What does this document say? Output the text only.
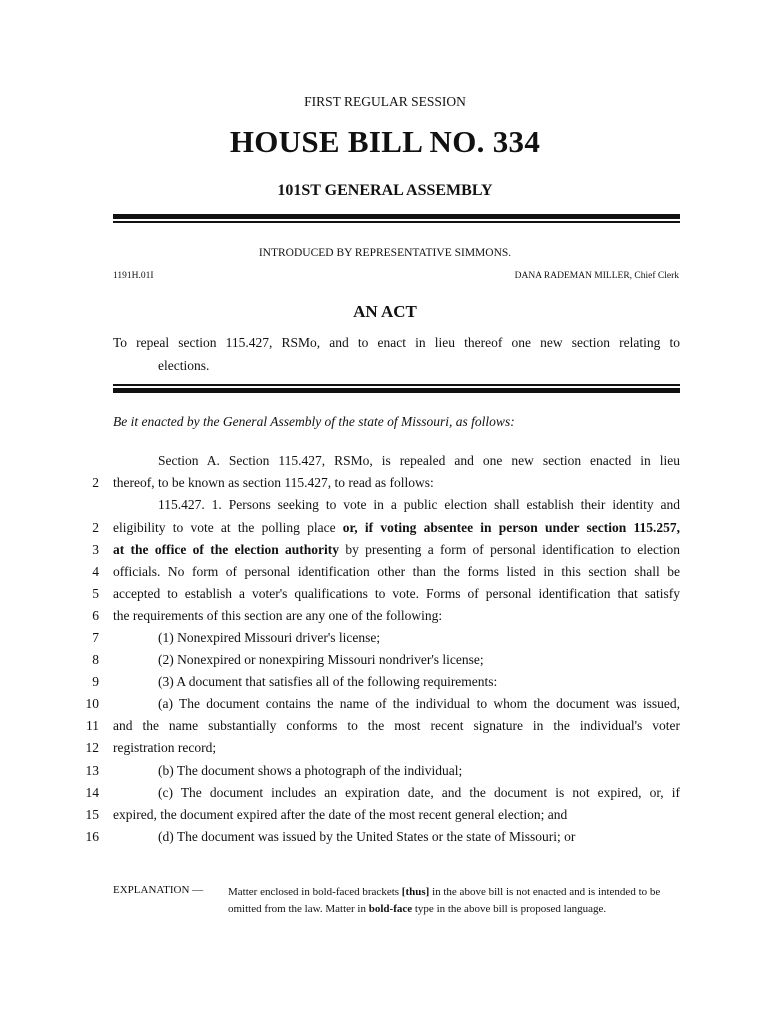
FIRST REGULAR SESSION
HOUSE BILL NO. 334
101ST GENERAL ASSEMBLY
INTRODUCED BY REPRESENTATIVE SIMMONS.
1191H.01I	DANA RADEMAN MILLER, Chief Clerk
AN ACT
To repeal section 115.427, RSMo, and to enact in lieu thereof one new section relating to
elections.
Be it enacted by the General Assembly of the state of Missouri, as follows:
Section A. Section 115.427, RSMo, is repealed and one new section enacted in lieu
2 thereof, to be known as section 115.427, to read as follows:
115.427. 1. Persons seeking to vote in a public election shall establish their identity and
2 eligibility to vote at the polling place or, if voting absentee in person under section 115.257,
3 at the office of the election authority by presenting a form of personal identification to election
4 officials. No form of personal identification other than the forms listed in this section shall be
5 accepted to establish a voter's qualifications to vote. Forms of personal identification that satisfy
6 the requirements of this section are any one of the following:
7	(1) Nonexpired Missouri driver's license;
8	(2) Nonexpired or nonexpiring Missouri nondriver's license;
9	(3) A document that satisfies all of the following requirements:
10	(a) The document contains the name of the individual to whom the document was issued,
11 and the name substantially conforms to the most recent signature in the individual's voter
12 registration record;
13	(b) The document shows a photograph of the individual;
14	(c) The document includes an expiration date, and the document is not expired, or, if
15 expired, the document expired after the date of the most recent general election; and
16	(d) The document was issued by the United States or the state of Missouri; or
EXPLANATION — Matter enclosed in bold-faced brackets [thus] in the above bill is not enacted and is intended to be omitted from the law. Matter in bold-face type in the above bill is proposed language.
